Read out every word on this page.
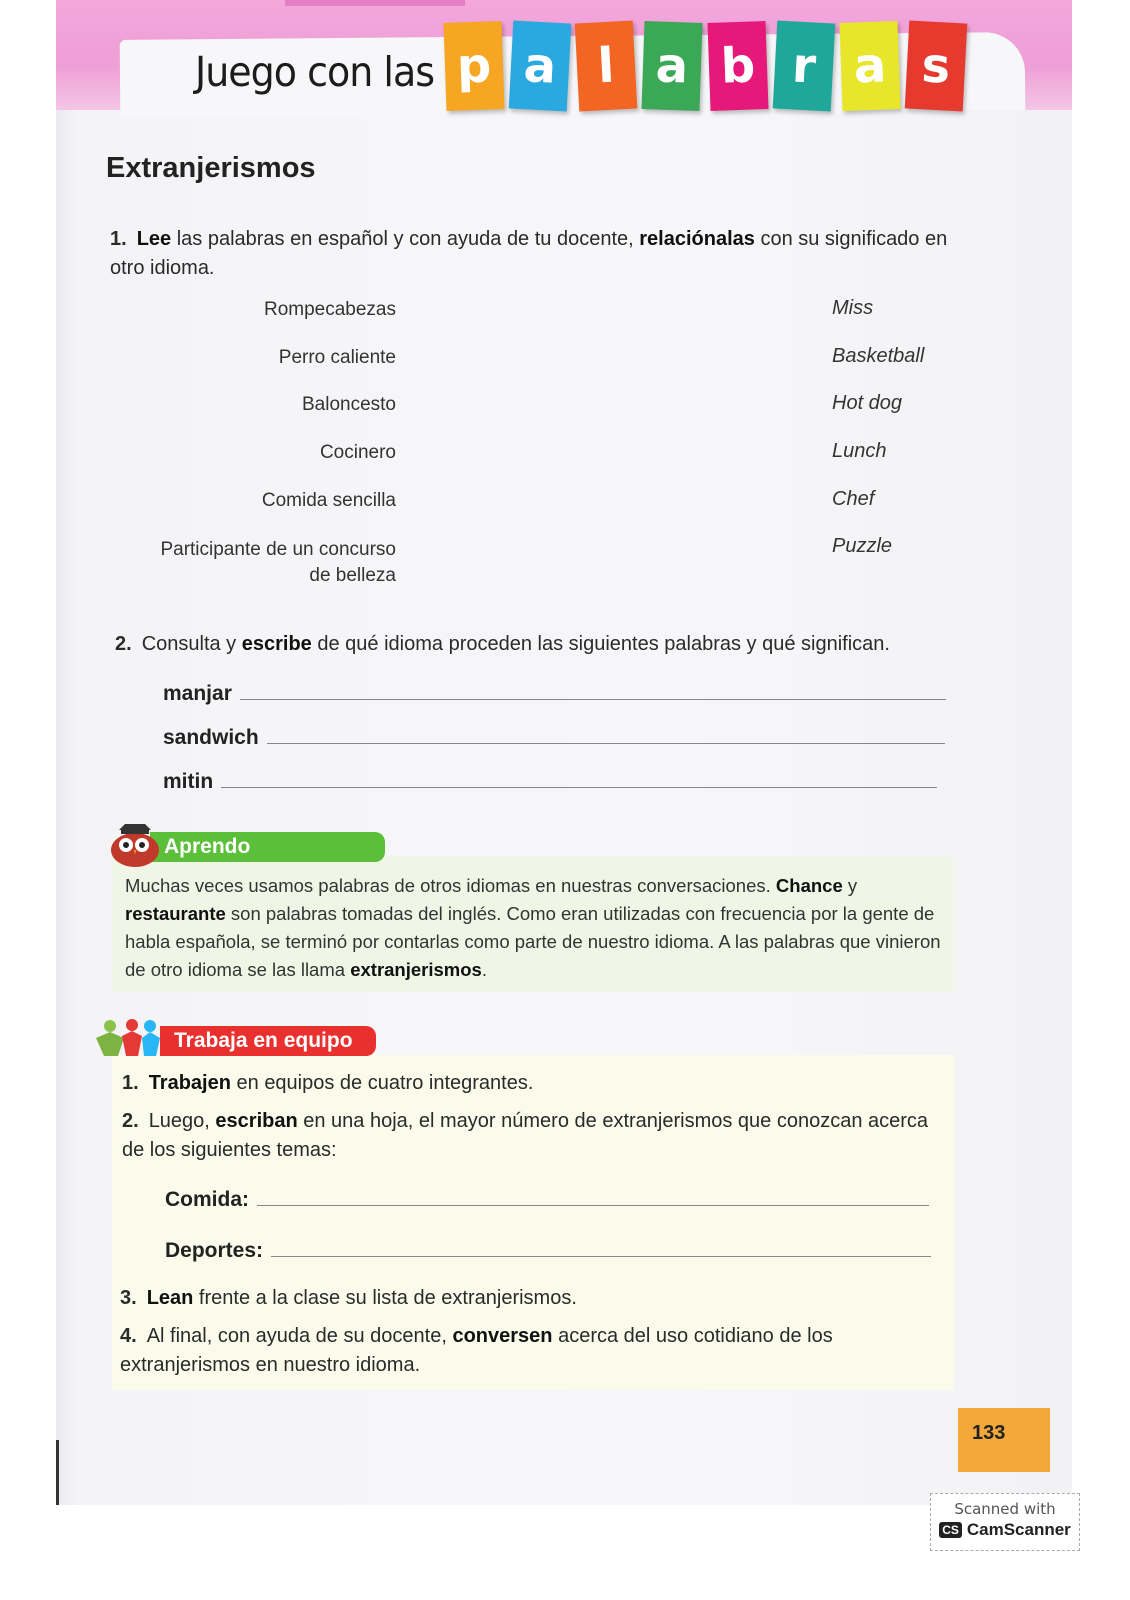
Juego con las p a l a b r a s
Extranjerismos
1. Lee las palabras en español y con ayuda de tu docente, relaciónalas con su significado en otro idioma.
Rompecabezas
Perro caliente
Baloncesto
Cocinero
Comida sencilla
Participante de un concurso
de belleza
Miss
Basketball
Hot dog
Lunch
Chef
Puzzle
2. Consulta y escribe de qué idioma proceden las siguientes palabras y qué significan.
manjar
sandwich
mitin
Aprendo
Muchas veces usamos palabras de otros idiomas en nuestras conversaciones. Chance y restaurante son palabras tomadas del inglés. Como eran utilizadas con frecuencia por la gente de habla española, se terminó por contarlas como parte de nuestro idioma. A las palabras que vinieron de otro idioma se las llama extranjerismos.
Trabaja en equipo
1. Trabajen en equipos de cuatro integrantes.
2. Luego, escriban en una hoja, el mayor número de extranjerismos que conozcan acerca de los siguientes temas:
Comida:
Deportes:
3. Lean frente a la clase su lista de extranjerismos.
4. Al final, con ayuda de su docente, conversen acerca del uso cotidiano de los extranjerismos en nuestro idioma.
133
Scanned with
CS CamScanner
